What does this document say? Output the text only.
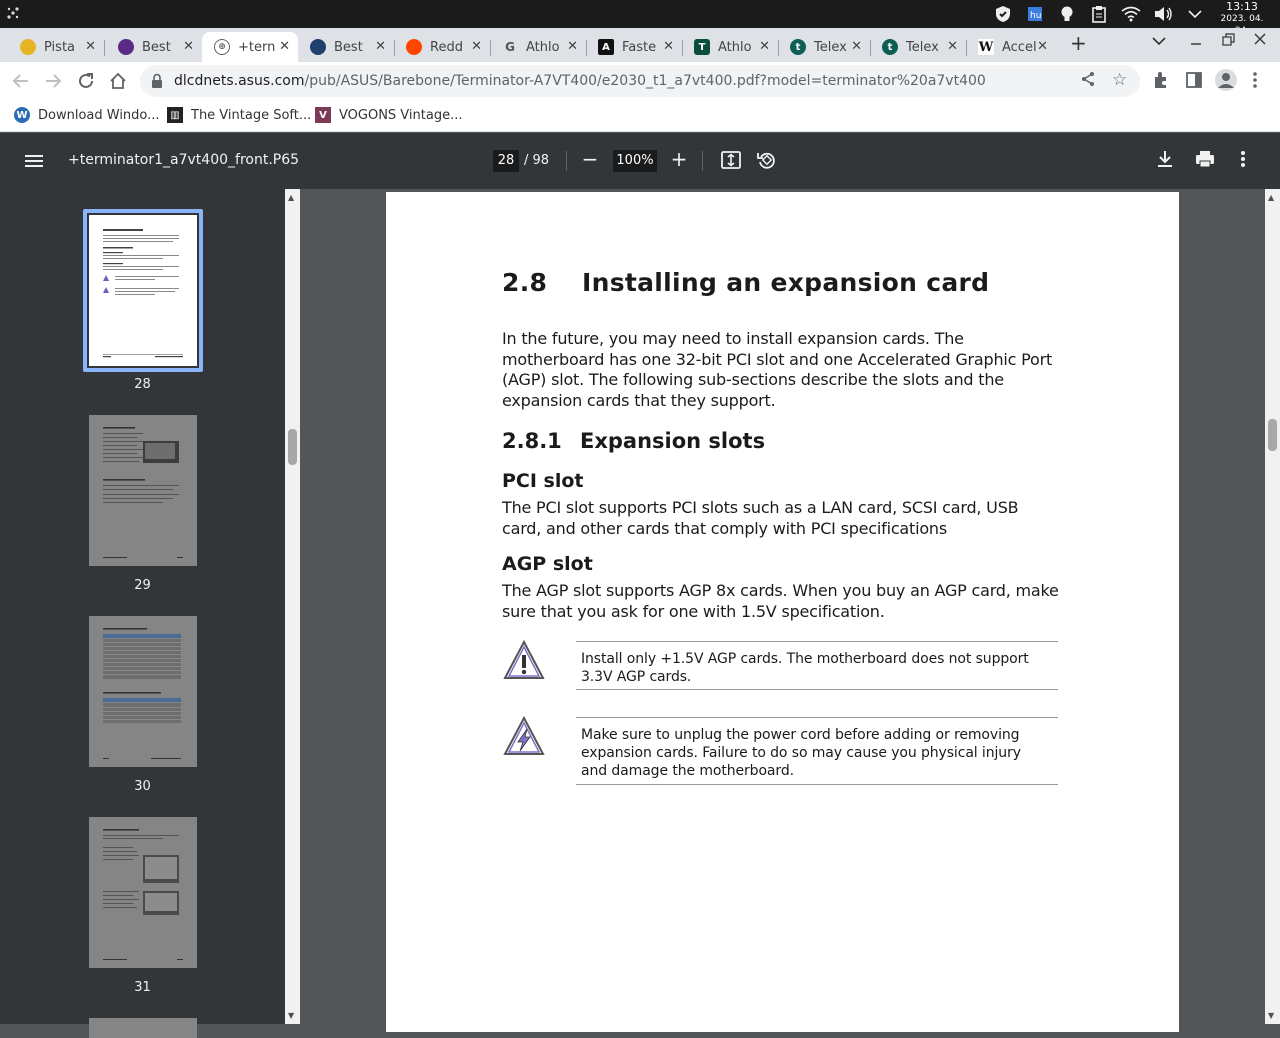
hu
13:13
2023. 04.
Pista ✕	Best ✕	⊕ +tern ✕	Best ✕	Redd ✕ G Athlo ✕	A Faste ✕	T Athlo ✕	t	Telex ✕	t	Telex ✕ W Accel ✕ +
dlcdnets.asus.com/pub/ASUS/Barebone/Terminator-A7VT400/e2030_t1_a7vt400.pdf?model=terminator%20a7vt400	☆
W Download Windo...	▥ The Vintage Soft... V VOGONS Vintage...
+terminator1_a7vt400_front.P65	28 / 98 − 100% +
28
29
30
31
▲
▼
2.8 Installing an expansion card

In the future, you may need to install expansion cards. The motherboard has one 32-bit PCI slot and one Accelerated Graphic Port (AGP) slot. The following sub-sections describe the slots and the expansion cards that they support.

2.8.1 Expansion slots
PCI slot

The PCI slot supports PCI slots such as a LAN card, SCSI card, USB card, and other cards that comply with PCI specifications

AGP slot

The AGP slot supports AGP 8x cards. When you buy an AGP card, make sure that you ask for one with 1.5V specification.

Install only +1.5V AGP cards. The motherboard does not support 3.3V AGP cards.
Make sure to unplug the power cord before adding or removing expansion cards. Failure to do so may cause you physical injury and damage the motherboard.
▲
▼
